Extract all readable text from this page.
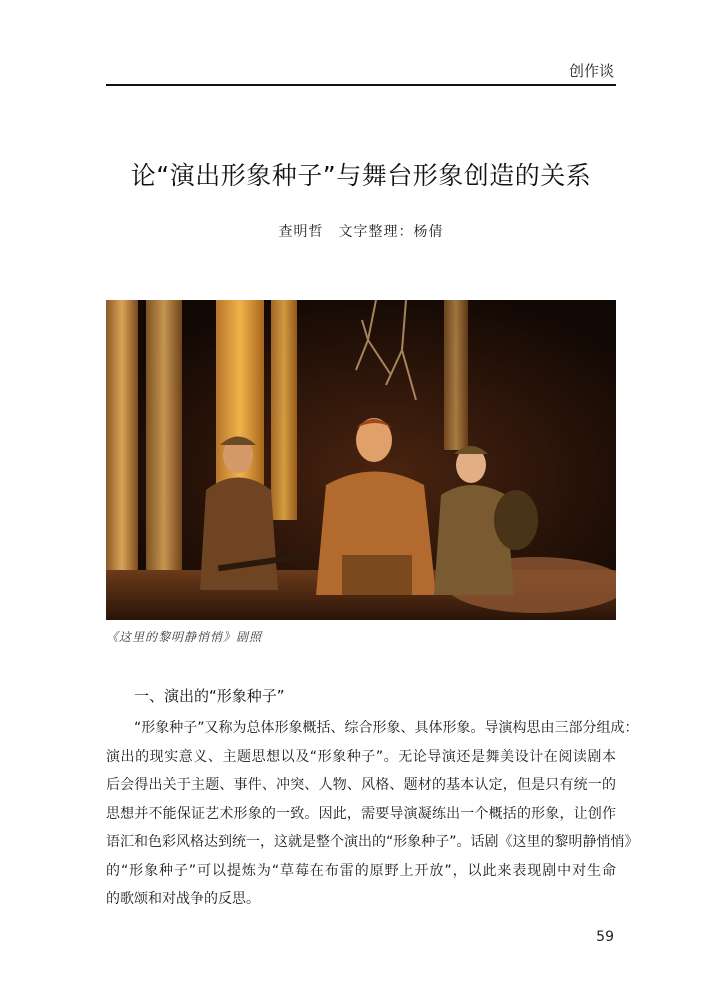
创作谈
论“演出形象种子”与舞台形象创造的关系
查明哲　文字整理：杨倩
《这里的黎明静悄悄》剧照
一、演出的“形象种子”

“形象种子”又称为总体形象概括、综合形象、具体形象。导演构思由三部分组成：
演出的现实意义、主题思想以及“形象种子”。无论导演还是舞美设计在阅读剧本
后会得出关于主题、事件、冲突、人物、风格、题材的基本认定，但是只有统一的
思想并不能保证艺术形象的一致。因此，需要导演凝练出一个概括的形象，让创作
语汇和色彩风格达到统一，这就是整个演出的“形象种子”。话剧《这里的黎明静悄悄》
的“形象种子”可以提炼为“草莓在布雷的原野上开放”，以此来表现剧中对生命
的歌颂和对战争的反思。

59
